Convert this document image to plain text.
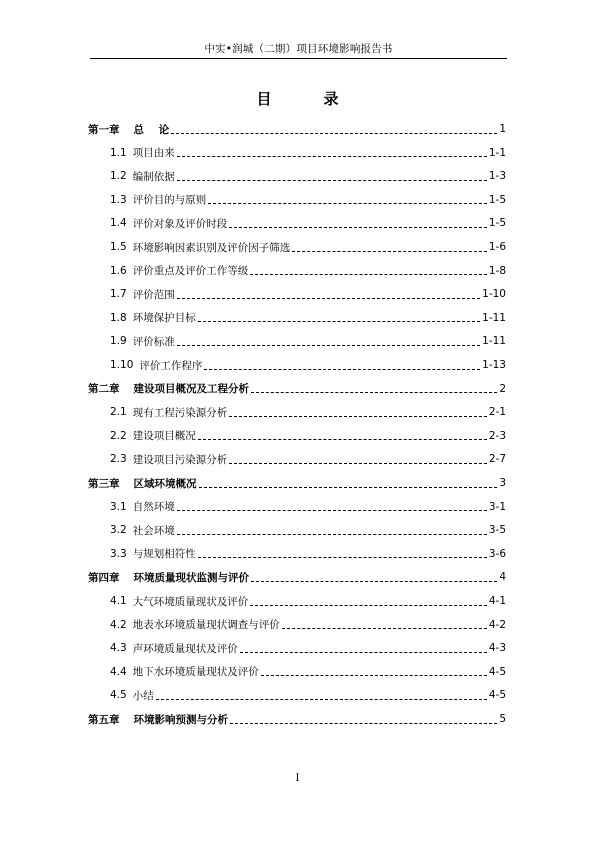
中实•润城（二期）项目环境影响报告书
目	录
第一章 总    论	1
1.1 项目由来	1-1
1.2 编制依据	1-3
1.3 评价目的与原则	1-5
1.4 评价对象及评价时段	1-5
1.5 环境影响因素识别及评价因子筛选	1-6
1.6 评价重点及评价工作等级	1-8
1.7 评价范围	1-10
1.8 环境保护目标	1-11
1.9 评价标准	1-11
1.10 评价工作程序	1-13
第二章 建设项目概况及工程分析	2
2.1 现有工程污染源分析	2-1
2.2 建设项目概况	2-3
2.3 建设项目污染源分析	2-7
第三章 区域环境概况	3
3.1 自然环境	3-1
3.2 社会环境	3-5
3.3 与规划相符性	3-6
第四章 环境质量现状监测与评价	4
4.1 大气环境质量现状及评价	4-1
4.2 地表水环境质量现状调查与评价	4-2
4.3 声环境质量现状及评价	4-3
4.4 地下水环境质量现状及评价	4-5
4.5 小结	4-5
第五章 环境影响预测与分析	5
I
